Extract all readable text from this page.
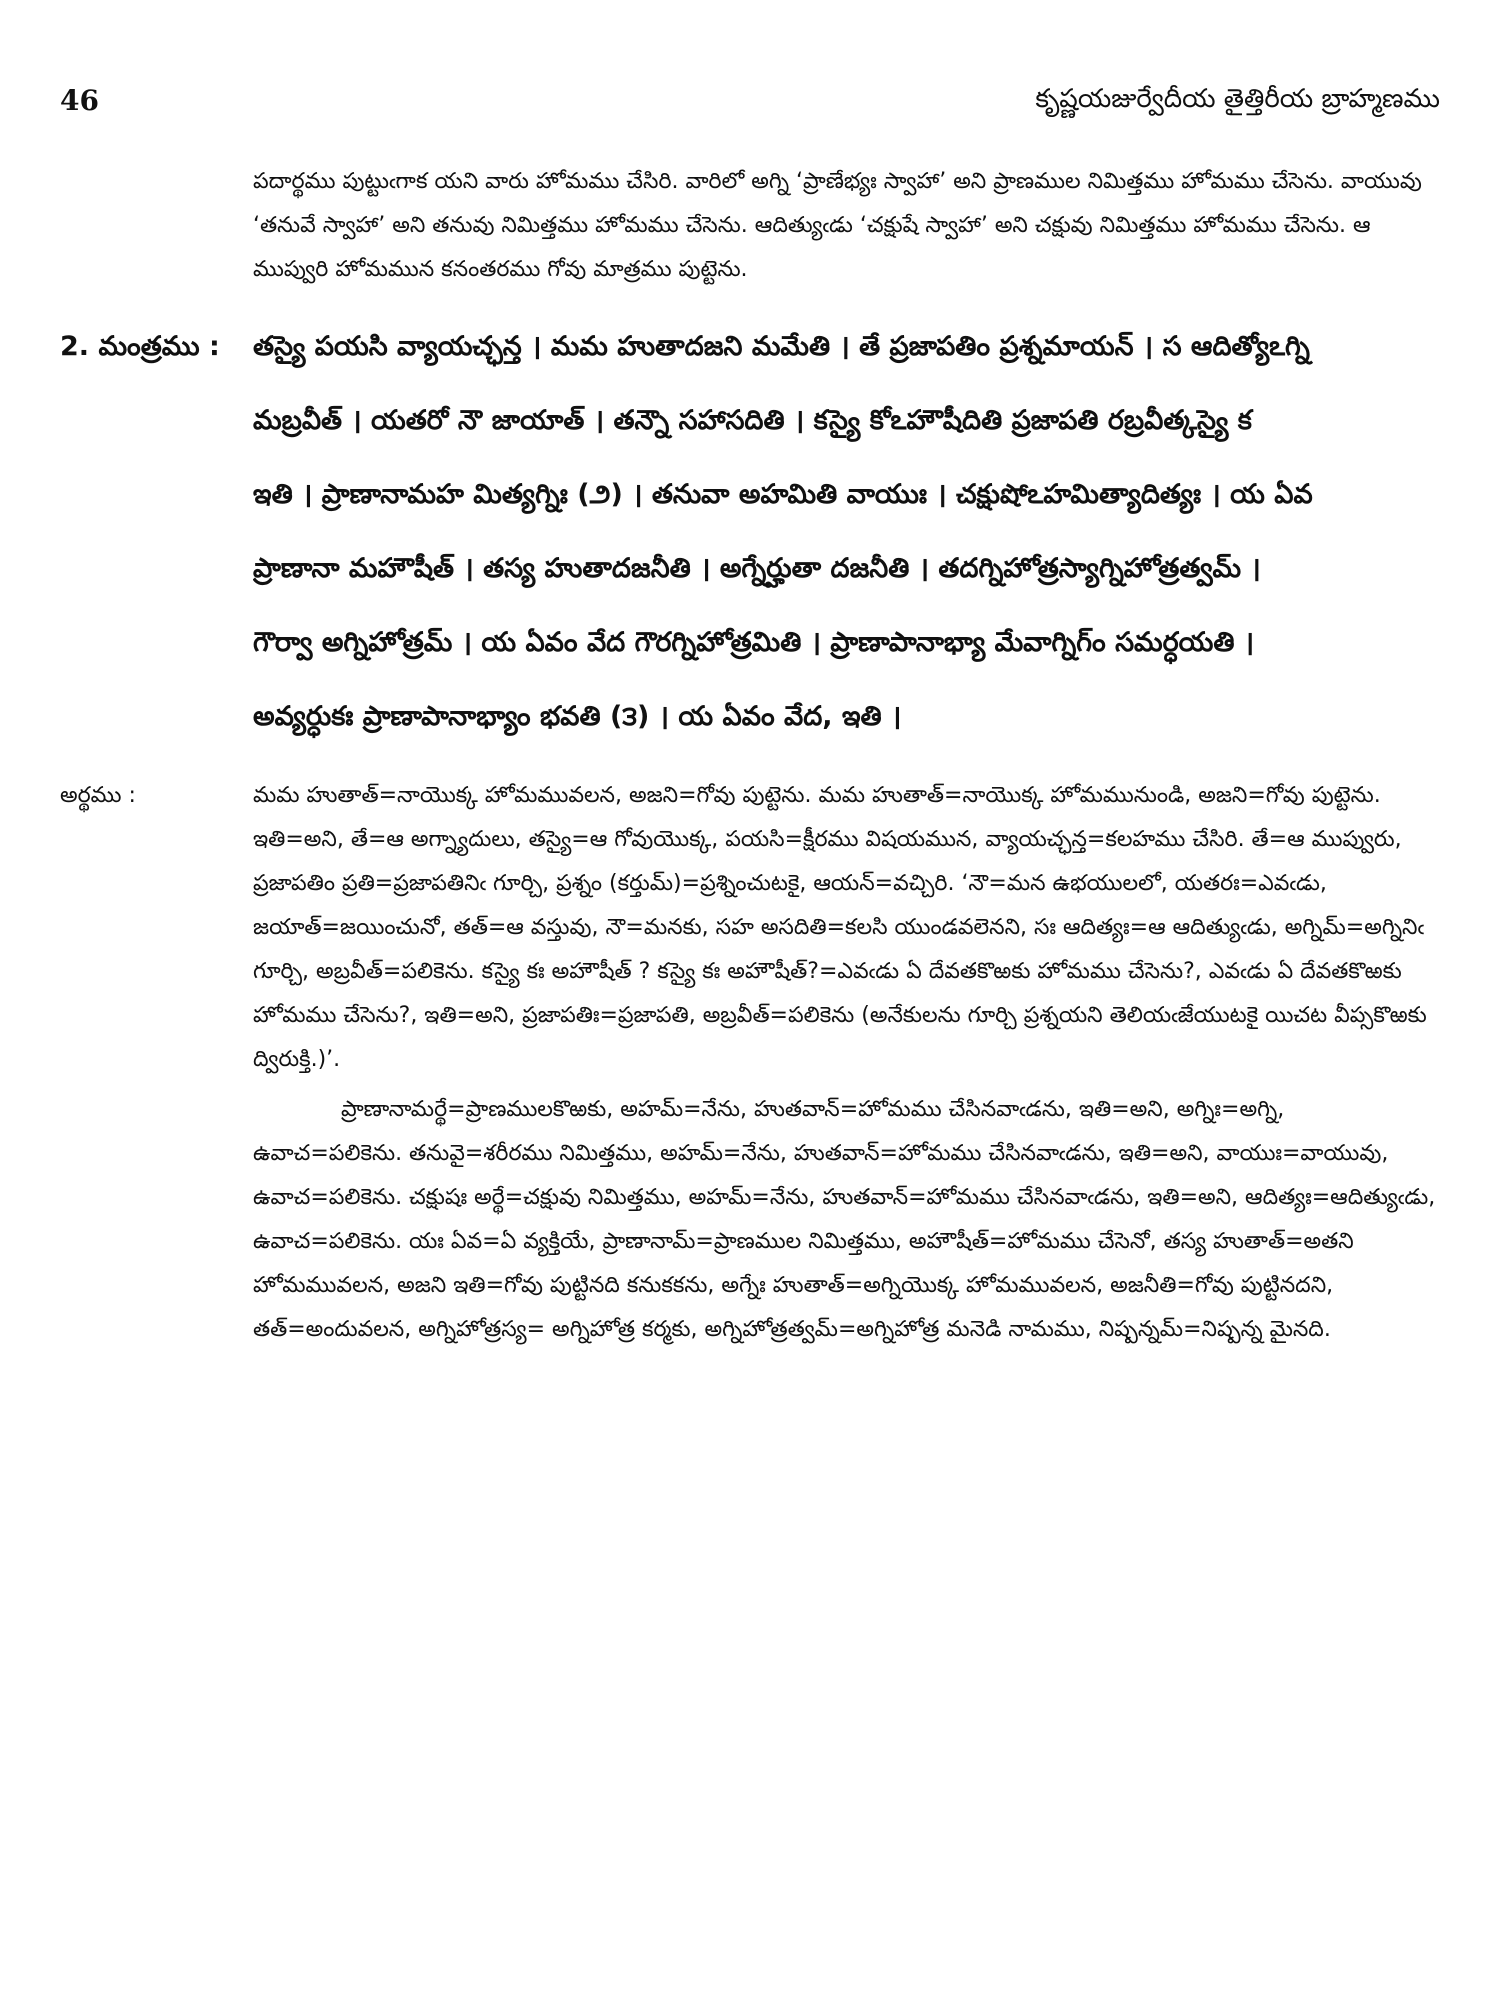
46	కృష్ణయజుర్వేదీయ తైత్తిరీయ బ్రాహ్మణము

పదార్థము పుట్టుఁగాక యని వారు హోమము చేసిరి. వారిలో అగ్ని ‘ప్రాణేభ్యః స్వాహా’ అని ప్రాణముల నిమిత్తము హోమము చేసెను. వాయువు ‘తనువే స్వాహా’ అని తనువు నిమిత్తము హోమము చేసెను. ఆదిత్యుఁడు ‘చక్షుషే స్వాహా’ అని చక్షువు నిమిత్తము హోమము చేసెను. ఆ ముప్వురి హోమమున కనంతరము గోవు మాత్రము పుట్టెను.

2. మంత్రము : తస్యై పయసి వ్యాయచ్ఛన్త । మమ హుతాదజని మమేతి । తే ప్రజాపతిం ప్రశ్నమాయన్ । స ఆదిత్యోఽగ్ని
మబ్రవీత్ । యతరో నౌ జాయాత్ । తన్నౌ సహాసదితి । కస్యై కోఽహౌషీదితి ప్రజాపతి రబ్రవీత్కస్యై క
ఇతి । ప్రాణానామహ మిత్యగ్నిః (౨) । తనువా అహమితి వాయుః । చక్షుషోఽహమిత్యాదిత్యః । య ఏవ
ప్రాణానా మహౌషీత్ । తస్య హుతాదజనీతి । అగ్నేర్హుతా దజనీతి । తదగ్నిహోత్రస్యాగ్నిహోత్రత్వమ్ ।
గౌర్వా అగ్నిహోత్రమ్ । య ఏవం వేద గౌరగ్నిహోత్రమితి । ప్రాణాపానాభ్యా మేవాగ్నిగ్ం సమర్ధయతి ।
అవ్యర్ధుకః ప్రాణాపానాభ్యాం భవతి (౩) । య ఏవం వేద, ఇతి ।
అర్థము :	మమ హుతాత్=నాయొక్క హోమమువలన, అజని=గోవు పుట్టెను. మమ హుతాత్=నాయొక్క హోమమునుండి, అజని=గోవు పుట్టెను. ఇతి=అని, తే=ఆ అగ్న్యాదులు, తస్యై=ఆ గోవుయొక్క, పయసి=క్షీరము విషయమున, వ్యాయచ్ఛన్త=కలహము చేసిరి. తే=ఆ ముప్వురు, ప్రజాపతిం ప్రతి=ప్రజాపతినిఁ గూర్చి, ప్రశ్నం (కర్తుమ్)=ప్రశ్నించుటకై, ఆయన్=వచ్చిరి. ‘నౌ=మన ఉభయులలో, యతరః=ఎవఁడు, జయాత్=జయించునో, తత్=ఆ వస్తువు, నౌ=మనకు, సహ అసదితి=కలసి యుండవలెనని, సః ఆదిత్యః=ఆ ఆదిత్యుఁడు, అగ్నిమ్=అగ్నినిఁ గూర్చి, అబ్రవీత్=పలికెను. కస్యై కః అహౌషీత్ ? కస్యై కః అహౌషీత్?=ఎవఁడు ఏ దేవతకొఱకు హోమము చేసెను?, ఎవఁడు ఏ దేవతకొఱకు హోమము చేసెను?, ఇతి=అని, ప్రజాపతిః=ప్రజాపతి, అబ్రవీత్=పలికెను (అనేకులను గూర్చి ప్రశ్నయని తెలియఁజేయుటకై యిచట వీప్సకొఱకు ద్విరుక్తి.)’.

ప్రాణానామర్థే=ప్రాణములకొఱకు, అహమ్=నేను, హుతవాన్=హోమము చేసినవాఁడను, ఇతి=అని, అగ్నిః=అగ్ని, ఉవాచ=పలికెను. తనువై=శరీరము నిమిత్తము, అహమ్=నేను, హుతవాన్=హోమము చేసినవాఁడను, ఇతి=అని, వాయుః=వాయువు, ఉవాచ=పలికెను. చక్షుషః అర్థే=చక్షువు నిమిత్తము, అహమ్=నేను, హుతవాన్=హోమము చేసినవాఁడను, ఇతి=అని, ఆదిత్యః=ఆదిత్యుఁడు, ఉవాచ=పలికెను. యః ఏవ=ఏ వ్యక్తియే, ప్రాణానామ్=ప్రాణముల నిమిత్తము, అహౌషీత్=హోమము చేసెనో, తస్య హుతాత్=అతని హోమమువలన, అజని ఇతి=గోవు పుట్టినది కనుకకను, అగ్నేః హుతాత్=అగ్నియొక్క హోమమువలన, అజనీతి=గోవు పుట్టినదని, తత్=అందువలన, అగ్నిహోత్రస్య= అగ్నిహోత్ర కర్మకు, అగ్నిహోత్రత్వమ్=అగ్నిహోత్ర మనెడి నామము, నిష్పన్నమ్=నిష్పన్న మైనది.
